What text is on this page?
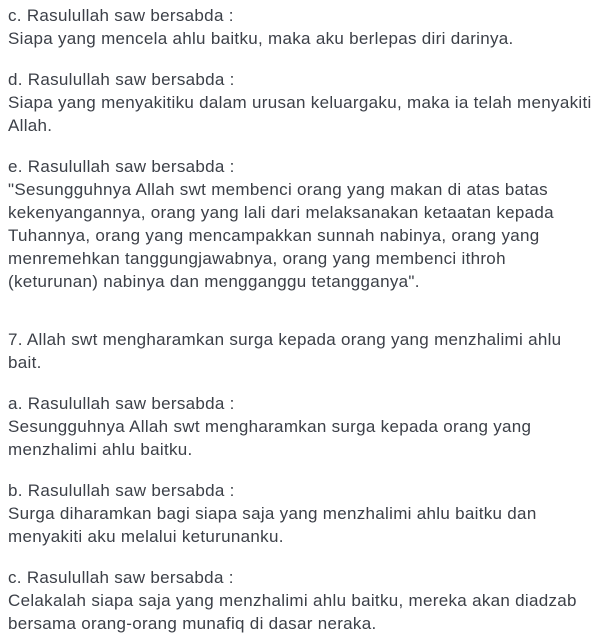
c. Rasulullah saw bersabda :
Siapa yang mencela ahlu baitku, maka aku berlepas diri darinya.
d. Rasulullah saw bersabda :
Siapa yang menyakitiku dalam urusan keluargaku, maka ia telah menyakiti
Allah.
e. Rasulullah saw bersabda :
"Sesungguhnya Allah swt membenci orang yang makan di atas batas
kekenyangannya, orang yang lali dari melaksanakan ketaatan kepada
Tuhannya, orang yang mencampakkan sunnah nabinya, orang yang
menremehkan tanggungjawabnya, orang yang membenci ithroh
(keturunan) nabinya dan mengganggu tetangganya".
7. Allah swt mengharamkan surga kepada orang yang menzhalimi ahlu
bait.
a. Rasulullah saw bersabda :
Sesungguhnya Allah swt mengharamkan surga kepada orang yang
menzhalimi ahlu baitku.
b. Rasulullah saw bersabda :
Surga diharamkan bagi siapa saja yang menzhalimi ahlu baitku dan
menyakiti aku melalui keturunanku.
c. Rasulullah saw bersabda :
Celakalah siapa saja yang menzhalimi ahlu baitku, mereka akan diadzab
bersama orang-orang munafiq di dasar neraka.
